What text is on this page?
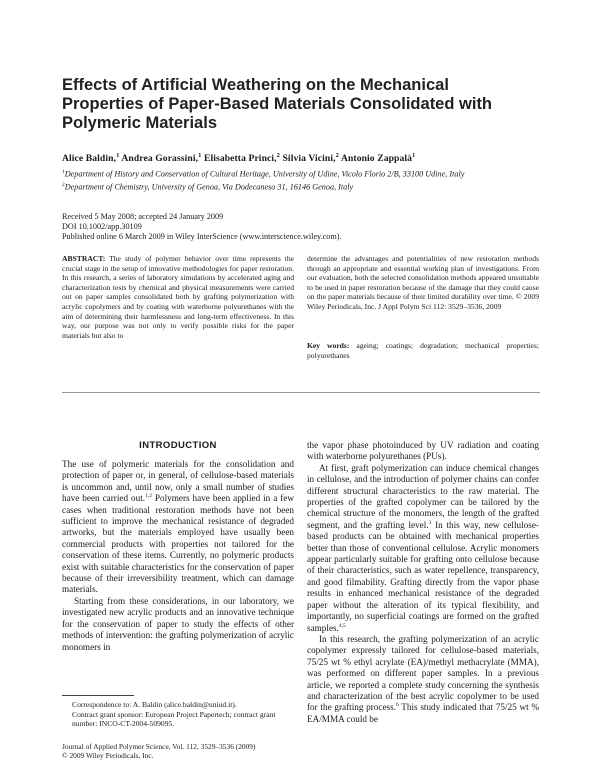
Effects of Artificial Weathering on the Mechanical Properties of Paper-Based Materials Consolidated with Polymeric Materials
Alice Baldin,$^1$ Andrea Gorassini,$^1$ Elisabetta Princi,$^2$ Silvia Vicini,$^2$ Antonio Zappalà$^1$
$^1$Department of History and Conservation of Cultural Heritage, University of Udine, Vicolo Florio 2/B, 33100 Udine, Italy
$^2$Department of Chemistry, University of Genoa, Via Dodecaneso 31, 16146 Genoa, Italy
Received 5 May 2008; accepted 24 January 2009
DOI 10.1002/app.30109
Published online 6 March 2009 in Wiley InterScience (www.interscience.wiley.com).
ABSTRACT: The study of polymer behavior over time represents the crucial stage in the setup of innovative methodologies for paper restoration. In this research, a series of laboratory simulations by accelerated aging and characterization tests by chemical and physical measurements were carried out on paper samples consolidated both by grafting polymerization with acrylic copolymers and by coating with waterborne polyurethanes with the aim of determining their harmlessness and long-term effectiveness. In this way, our purpose was not only to verify possible risks for the paper materials but also to
determine the advantages and potentialities of new restoration methods through an appropriate and essential working plan of investigations. From our evaluation, both the selected consolidation methods appeared unsuitable to be used in paper restoration because of the damage that they could cause on the paper materials because of their limited durability over time. © 2009 Wiley Periodicals, Inc. J Appl Polym Sci 112: 3529–3536, 2009
Key words: ageing; coatings; degradation; mechanical properties; polyurethanes
INTRODUCTION

The use of polymeric materials for the consolidation and protection of paper or, in general, of cellulose-based materials is uncommon and, until now, only a small number of studies have been carried out.$^{1,2}$ Polymers have been applied in a few cases when traditional restoration methods have not been sufficient to improve the mechanical resistance of degraded artworks, but the materials employed have usually been commercial products with properties not tailored for the conservation of these items. Currently, no polymeric products exist with suitable characteristics for the conservation of paper because of their irreversibility treatment, which can damage materials.

Starting from these considerations, in our laboratory, we investigated new acrylic products and an innovative technique for the conservation of paper to study the effects of other methods of intervention: the grafting polymerization of acrylic monomers in

the vapor phase photoinduced by UV radiation and coating with waterborne polyurethanes (PUs).

At first, graft polymerization can induce chemical changes in cellulose, and the introduction of polymer chains can confer different structural characteristics to the raw material. The properties of the grafted copolymer can be tailored by the chemical structure of the monomers, the length of the grafted segment, and the grafting level.$^3$ In this way, new cellulose-based products can be obtained with mechanical properties better than those of conventional cellulose. Acrylic monomers appear particularly suitable for grafting onto cellulose because of their characteristics, such as water repellence, transparency, and good filmability. Grafting directly from the vapor phase results in enhanced mechanical resistance of the degraded paper without the alteration of its typical flexibility, and importantly, no superficial coatings are formed on the grafted samples.$^{4,5}$

In this research, the grafting polymerization of an acrylic copolymer expressly tailored for cellulose-based materials, 75/25 wt % ethyl acrylate (EA)/methyl methacrylate (MMA), was performed on different paper samples. In a previous article, we reported a complete study concerning the synthesis and characterization of the best acrylic copolymer to be used for the grafting process.$^6$ This study indicated that 75/25 wt % EA/MMA could be

Correspondence to: A. Baldin (alice.baldin@uniud.it).
Contract grant sponsor: European Project Papertech; contract grant number: INCO-CT-2004-509095.
Journal of Applied Polymer Science, Vol. 112, 3529–3536 (2009)
© 2009 Wiley Periodicals, Inc.
